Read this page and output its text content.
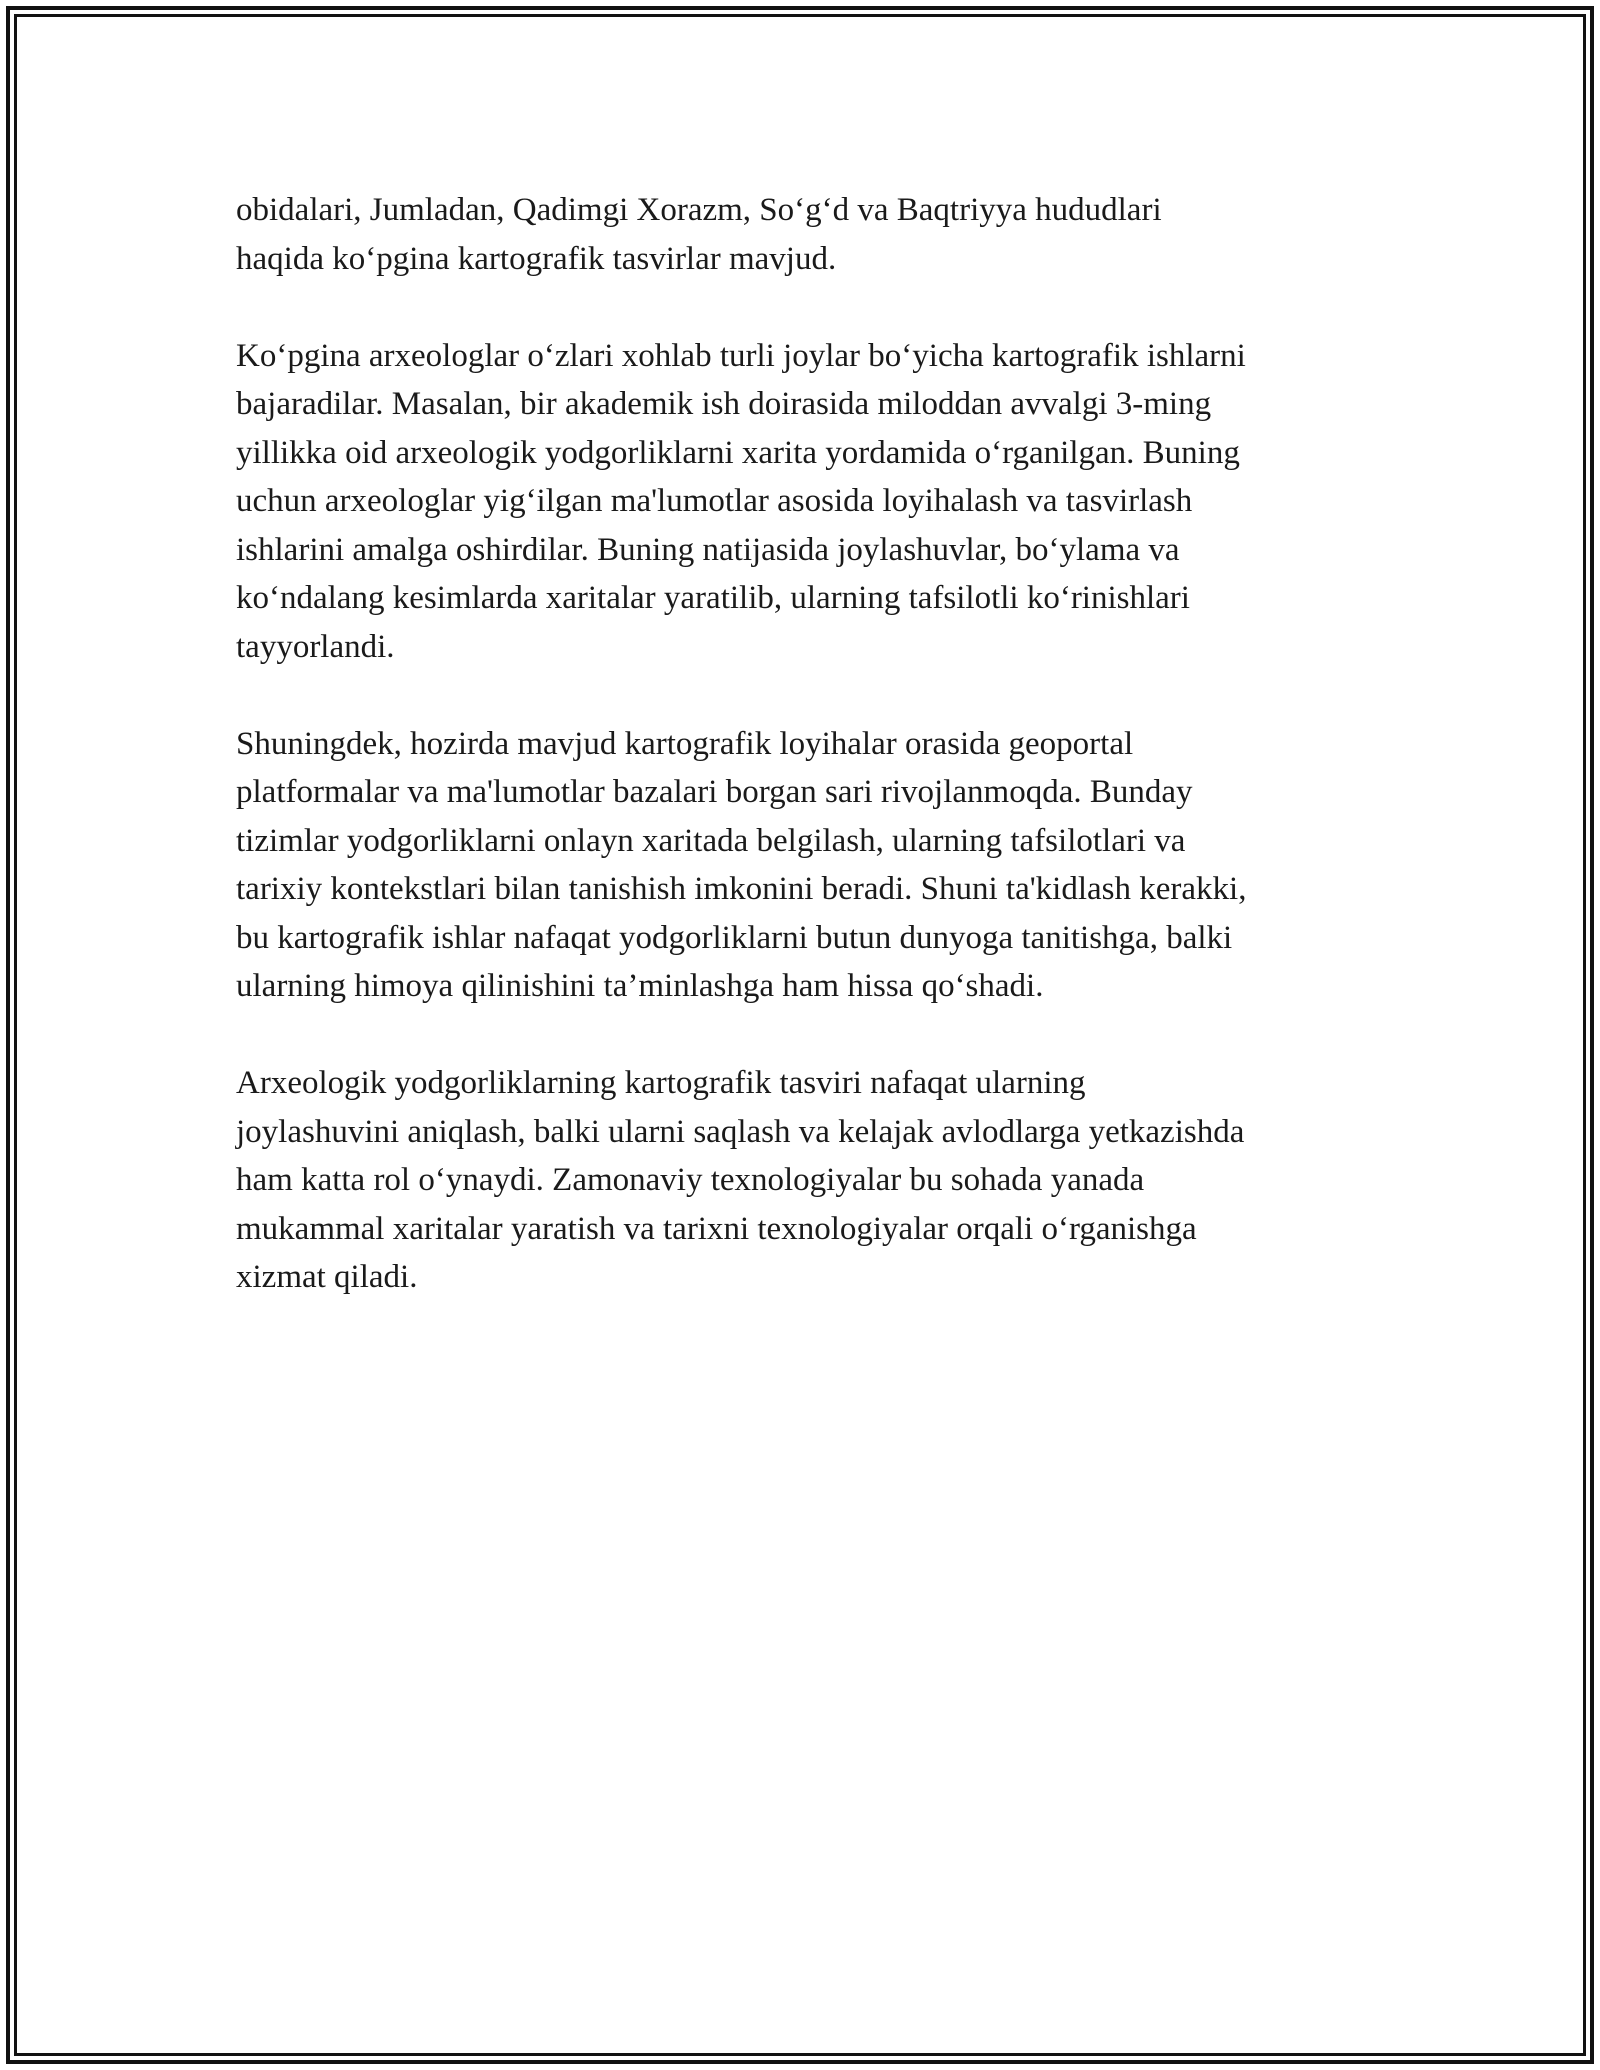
obidalari, Jumladan, Qadimgi Xorazm, So‘g‘d va Baqtriyya hududlari
haqida ko‘pgina kartografik tasvirlar mavjud.

Ko‘pgina arxeologlar o‘zlari xohlab turli joylar bo‘yicha kartografik ishlarni
bajaradilar. Masalan, bir akademik ish doirasida miloddan avvalgi 3-ming
yillikka oid arxeologik yodgorliklarni xarita yordamida o‘rganilgan. Buning
uchun arxeologlar yig‘ilgan ma'lumotlar asosida loyihalash va tasvirlash
ishlarini amalga oshirdilar. Buning natijasida joylashuvlar, bo‘ylama va
ko‘ndalang kesimlarda xaritalar yaratilib, ularning tafsilotli ko‘rinishlari
tayyorlandi.

Shuningdek, hozirda mavjud kartografik loyihalar orasida geoportal
platformalar va ma'lumotlar bazalari borgan sari rivojlanmoqda. Bunday
tizimlar yodgorliklarni onlayn xaritada belgilash, ularning tafsilotlari va
tarixiy kontekstlari bilan tanishish imkonini beradi. Shuni ta'kidlash kerakki,
bu kartografik ishlar nafaqat yodgorliklarni butun dunyoga tanitishga, balki
ularning himoya qilinishini ta’minlashga ham hissa qo‘shadi.

Arxeologik yodgorliklarning kartografik tasviri nafaqat ularning
joylashuvini aniqlash, balki ularni saqlash va kelajak avlodlarga yetkazishda
ham katta rol o‘ynaydi. Zamonaviy texnologiyalar bu sohada yanada
mukammal xaritalar yaratish va tarixni texnologiyalar orqali o‘rganishga
xizmat qiladi.
